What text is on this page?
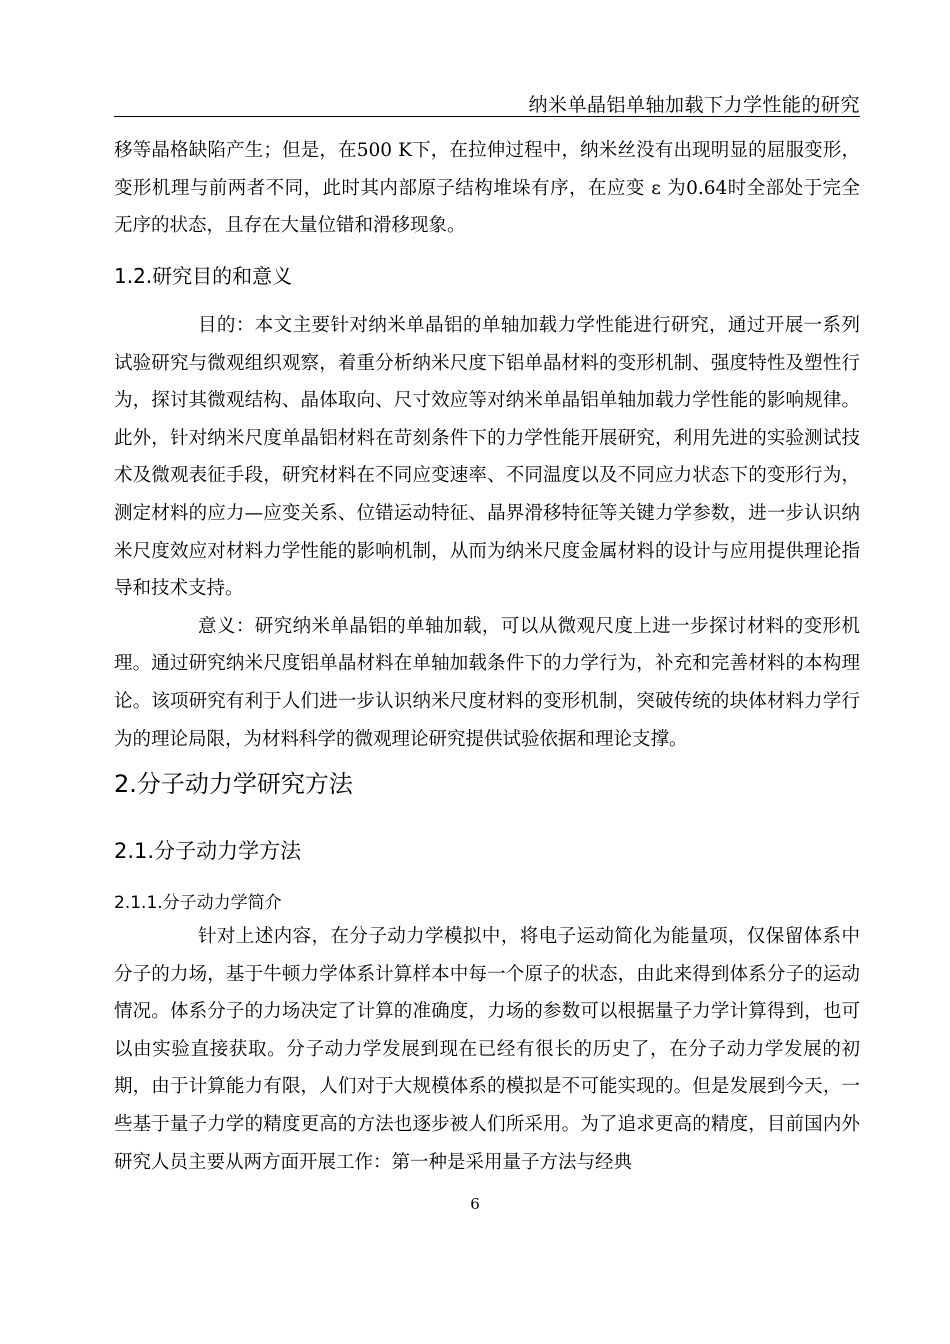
纳米单晶铝单轴加载下力学性能的研究

移等晶格缺陷产生；但是，在500 K下，在拉伸过程中，纳米丝没有出现明显的屈服变形，变形机理与前两者不同，此时其内部原子结构堆垛有序，在应变 ε 为0.64时全部处于完全无序的状态，且存在大量位错和滑移现象。

1.2.研究目的和意义

目的：本文主要针对纳米单晶铝的单轴加载力学性能进行研究，通过开展一系列试验研究与微观组织观察，着重分析纳米尺度下铝单晶材料的变形机制、强度特性及塑性行为，探讨其微观结构、晶体取向、尺寸效应等对纳米单晶铝单轴加载力学性能的影响规律。此外，针对纳米尺度单晶铝材料在苛刻条件下的力学性能开展研究，利用先进的实验测试技术及微观表征手段，研究材料在不同应变速率、不同温度以及不同应力状态下的变形行为，测定材料的应力—应变关系、位错运动特征、晶界滑移特征等关键力学参数，进一步认识纳米尺度效应对材料力学性能的影响机制，从而为纳米尺度金属材料的设计与应用提供理论指导和技术支持。

意义：研究纳米单晶铝的单轴加载，可以从微观尺度上进一步探讨材料的变形机理。通过研究纳米尺度铝单晶材料在单轴加载条件下的力学行为，补充和完善材料的本构理论。该项研究有利于人们进一步认识纳米尺度材料的变形机制，突破传统的块体材料力学行为的理论局限，为材料科学的微观理论研究提供试验依据和理论支撑。

2.分子动力学研究方法
2.1.分子动力学方法
2.1.1.分子动力学简介

针对上述内容，在分子动力学模拟中，将电子运动简化为能量项，仅保留体系中分子的力场，基于牛顿力学体系计算样本中每一个原子的状态，由此来得到体系分子的运动情况。体系分子的力场决定了计算的准确度，力场的参数可以根据量子力学计算得到，也可以由实验直接获取。分子动力学发展到现在已经有很长的历史了，在分子动力学发展的初期，由于计算能力有限，人们对于大规模体系的模拟是不可能实现的。但是发展到今天，一些基于量子力学的精度更高的方法也逐步被人们所采用。为了追求更高的精度，目前国内外研究人员主要从两方面开展工作：第一种是采用量子方法与经典

6
